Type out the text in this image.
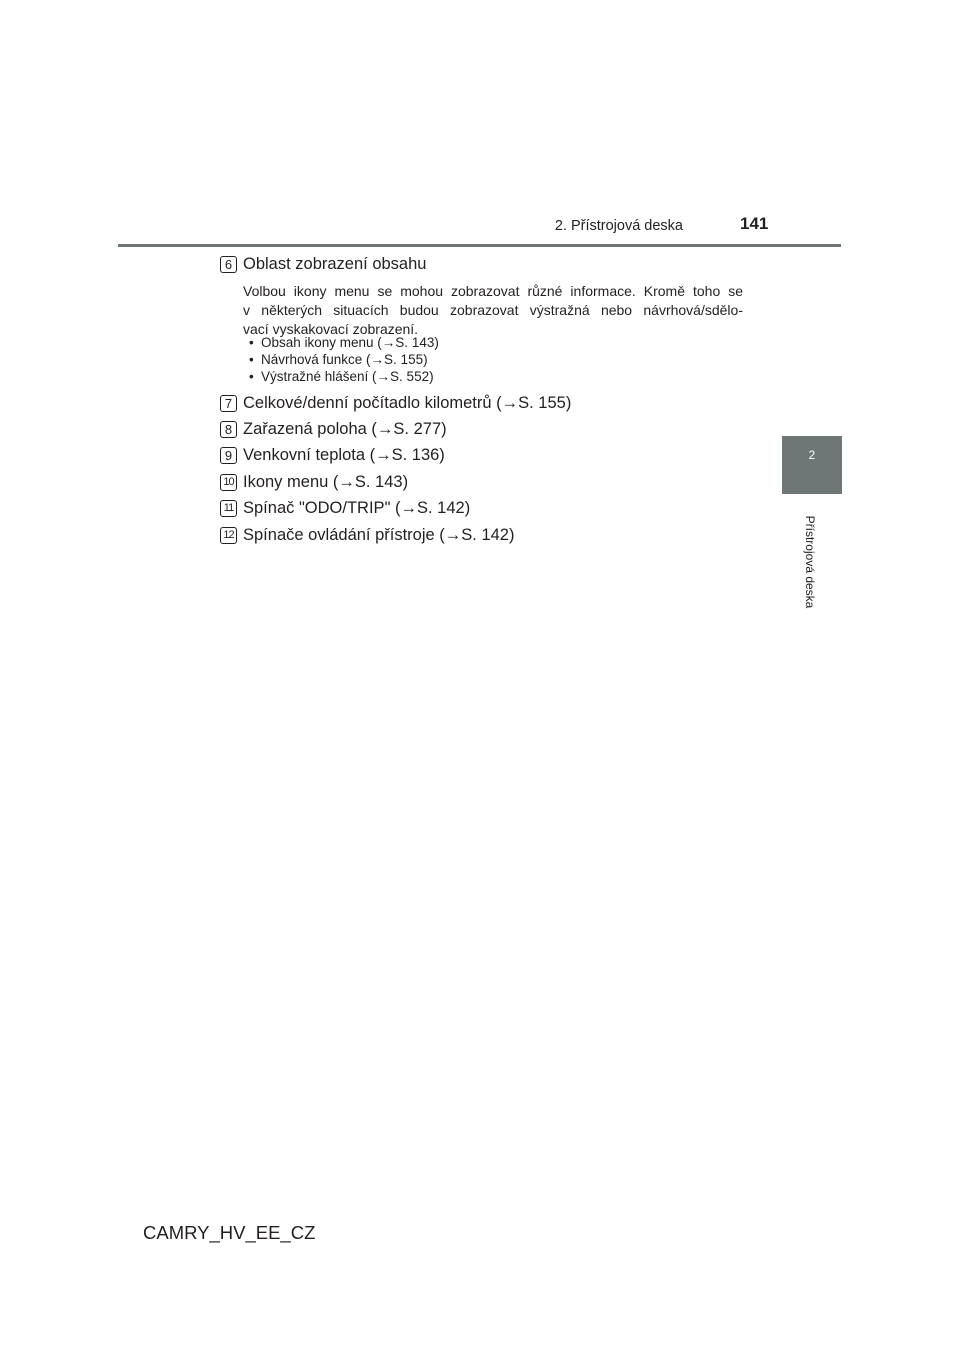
2. Přístrojová deska	141
2
Přístrojová deska
6 Oblast zobrazení obsahu
Volbou ikony menu se mohou zobrazovat různé informace. Kromě toho se
v některých situacích budou zobrazovat výstražná nebo návrhová/sdělo-
vací vyskakovací zobrazení.
• Obsah ikony menu (→S. 143)
• Návrhová funkce (→S. 155)
• Výstražné hlášení (→S. 552)
7 Celkové/denní počítadlo kilometrů (→S. 155)
8 Zařazená poloha (→S. 277)
9 Venkovní teplota (→S. 136)
10 Ikony menu (→S. 143)
11 Spínač "ODO/TRIP" (→S. 142)
12 Spínače ovládání přístroje (→S. 142)
CAMRY_HV_EE_CZ
